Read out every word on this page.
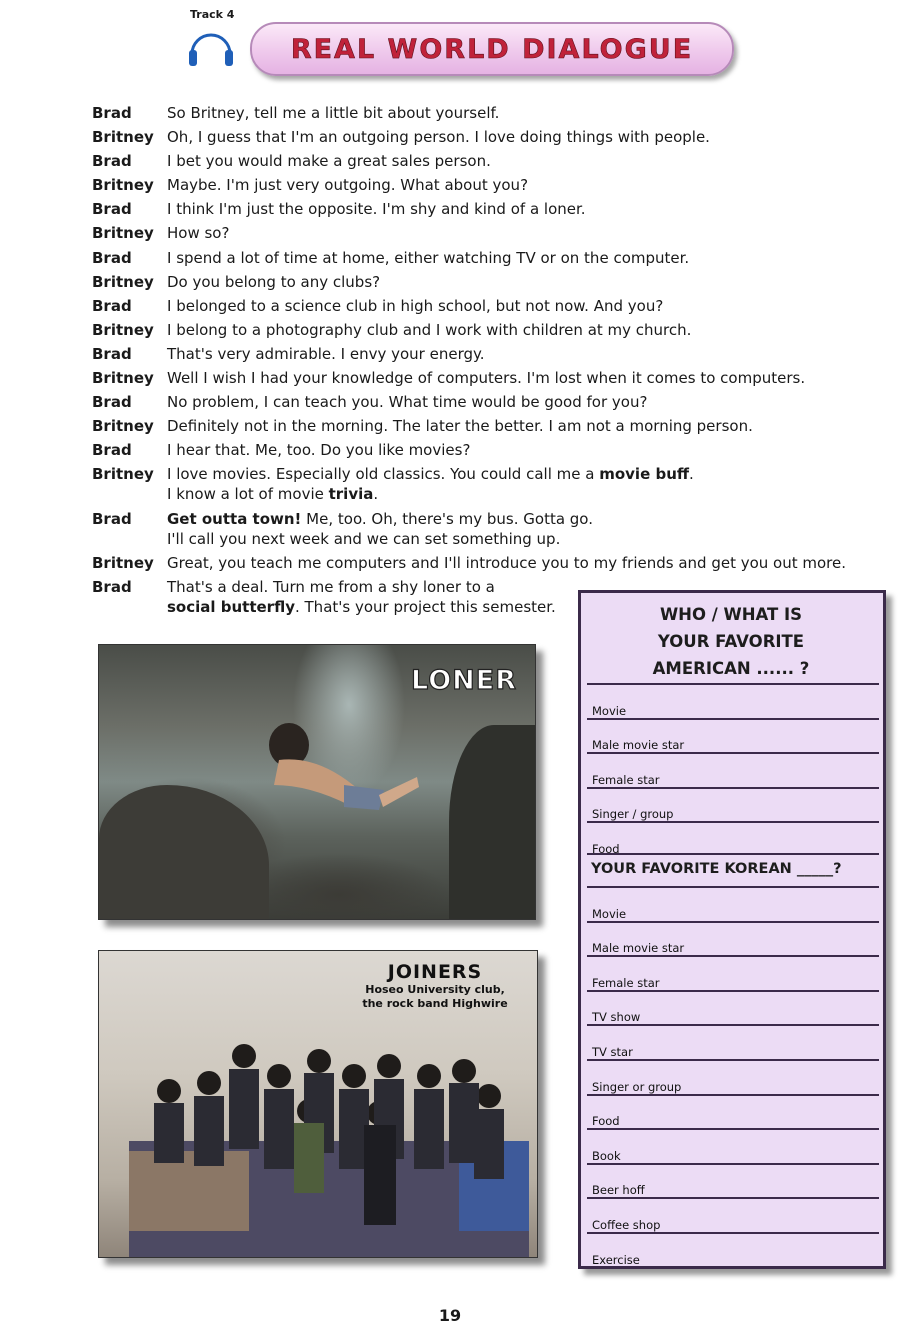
Track 4
REAL WORLD DIALOGUE
Brad	So Britney, tell me a little bit about yourself.
Britney Oh, I guess that I'm an outgoing person. I love doing things with people.
Brad	I bet you would make a great sales person.
Britney Maybe. I'm just very outgoing. What about you?
Brad	I think I'm just the opposite. I'm shy and kind of a loner.
Britney How so?
Brad	I spend a lot of time at home, either watching TV or on the computer.
Britney Do you belong to any clubs?
Brad	I belonged to a science club in high school, but not now. And you?
Britney I belong to a photography club and I work with children at my church.
Brad	That's very admirable. I envy your energy.
Britney Well I wish I had your knowledge of computers. I'm lost when it comes to computers.
Brad	No problem, I can teach you. What time would be good for you?
Britney Definitely not in the morning. The later the better. I am not a morning person.
Brad	I hear that. Me, too. Do you like movies?
Britney I love movies. Especially old classics. You could call me a movie buff.
I know a lot of movie trivia.
Brad	Get outta town! Me, too. Oh, there's my bus. Gotta go.
I'll call you next week and we can set something up.
Britney Great, you teach me computers and I'll introduce you to my friends and get you out more.
Brad	That's a deal. Turn me from a shy loner to a
social butterfly. That's your project this semester.
LONER
JOINERS
Hoseo University club,
the rock band Highwire
WHO / WHAT IS
YOUR FAVORITE
AMERICAN ...... ?
YOUR FAVORITE KOREAN _____?
Movie
Male movie star
Female star
Singer / group
Food
Movie
Male movie star
Female star
TV show
TV star
Singer or group
Food
Book
Beer hoff
Coffee shop
Exercise
19
